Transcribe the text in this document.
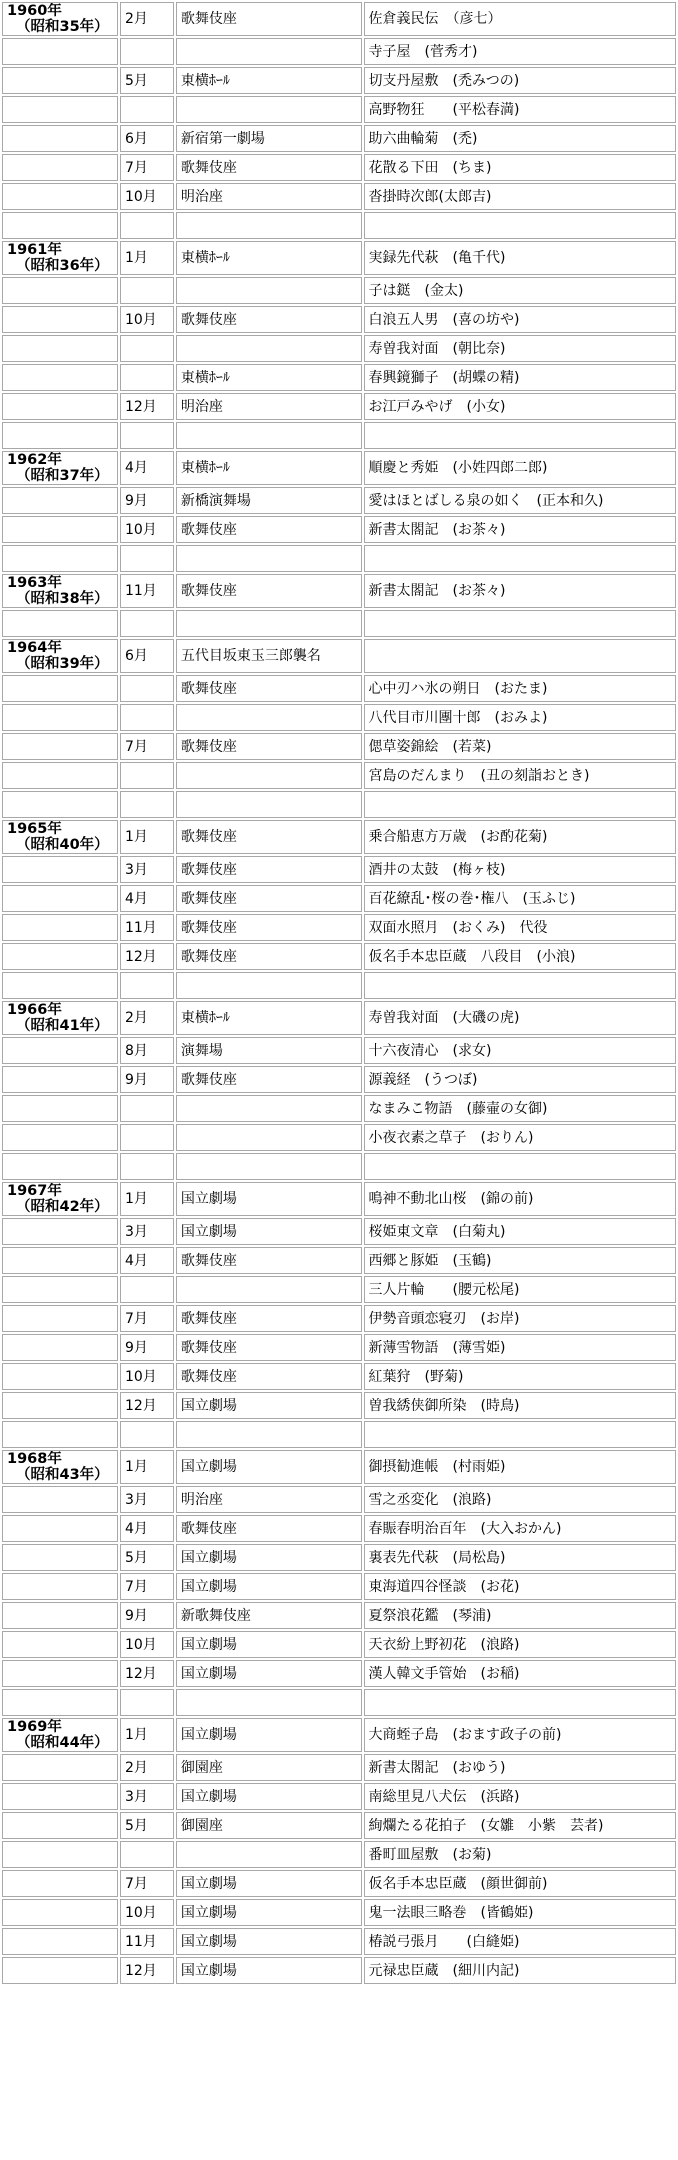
1960年
（昭和35年）	2月	歌舞伎座	佐倉義民伝　（彦七）

			寺子屋　(菅秀才)

	5月	東横ﾎｰﾙ	切支丹屋敷　(禿みつの)

			高野物狂　　(平松春満)

	6月	新宿第一劇場	助六曲輪菊　(禿)

	7月	歌舞伎座	花散る下田　(ちま)

	10月	明治座	沓掛時次郎(太郎吉)

1961年
（昭和36年）	1月	東横ﾎｰﾙ	実録先代萩　(亀千代)

			子は鎹　(金太)

	10月	歌舞伎座	白浪五人男　(喜の坊や)

			寿曽我対面　(朝比奈)

		東横ﾎｰﾙ	春興鏡獅子　(胡蝶の精)

	12月	明治座	お江戸みやげ　(小女)

1962年
（昭和37年）	4月	東横ﾎｰﾙ	順慶と秀姫　(小姓四郎二郎)

	9月	新橋演舞場	愛はほとばしる泉の如く　(正本和久)

	10月	歌舞伎座	新書太閤記　(お茶々)

1963年
（昭和38年）	11月	歌舞伎座	新書太閤記　(お茶々)

1964年
（昭和39年）	6月	五代目坂東玉三郎襲名	

		歌舞伎座	心中刃ハ氷の朔日　(おたま)

			八代目市川團十郎　(おみよ)

	7月	歌舞伎座	偲草姿錦絵　(若菜)

			宮島のだんまり　(丑の刻詣おとき)

1965年
（昭和40年）	1月	歌舞伎座	乗合船恵方万歳　(お酌花菊)

	3月	歌舞伎座	酒井の太鼓　(梅ヶ枝)

	4月	歌舞伎座	百花繚乱･桜の巻･権八　(玉ふじ)

	11月	歌舞伎座	双面水照月　(おくみ)　代役

	12月	歌舞伎座	仮名手本忠臣蔵　八段目　(小浪)

1966年
（昭和41年）	2月	東横ﾎｰﾙ	寿曽我対面　(大磯の虎)

	8月	演舞場	十六夜清心　(求女)

	9月	歌舞伎座	源義経　(うつぼ)

			なまみこ物語　(藤壷の女御)

			小夜衣素之草子　(おりん)

1967年
（昭和42年）	1月	国立劇場	鳴神不動北山桜　(錦の前)

	3月	国立劇場	桜姫東文章　(白菊丸)

	4月	歌舞伎座	西郷と豚姫　(玉鶴)

			三人片輪　　(腰元松尾)

	7月	歌舞伎座	伊勢音頭恋寝刃　(お岸)

	9月	歌舞伎座	新薄雪物語　(薄雪姫)

	10月	歌舞伎座	紅葉狩　(野菊)

	12月	国立劇場	曽我綉侠御所染　(時鳥)

1968年
（昭和43年）	1月	国立劇場	御摂勧進帳　(村雨姫)

	3月	明治座	雪之丞変化　(浪路)

	4月	歌舞伎座	春賑春明治百年　(大入おかん)

	5月	国立劇場	裏表先代萩　(局松島)

	7月	国立劇場	東海道四谷怪談　(お花)

	9月	新歌舞伎座	夏祭浪花鑑　(琴浦)

	10月	国立劇場	天衣紛上野初花　(浪路)

	12月	国立劇場	漢人韓文手管始　(お稲)

1969年
（昭和44年）	1月	国立劇場	大商蛭子島　(おます政子の前)

	2月	御園座	新書太閤記　(おゆう)

	3月	国立劇場	南総里見八犬伝　(浜路)

	5月	御園座	絢爛たる花拍子　(女雛　小紫　芸者)

			番町皿屋敷　(お菊)

	7月	国立劇場	仮名手本忠臣蔵　(顔世御前)

	10月	国立劇場	鬼一法眼三略巻　(皆鶴姫)

	11月	国立劇場	椿説弓張月　　(白縫姫)

	12月	国立劇場	元禄忠臣蔵　(細川内記)
